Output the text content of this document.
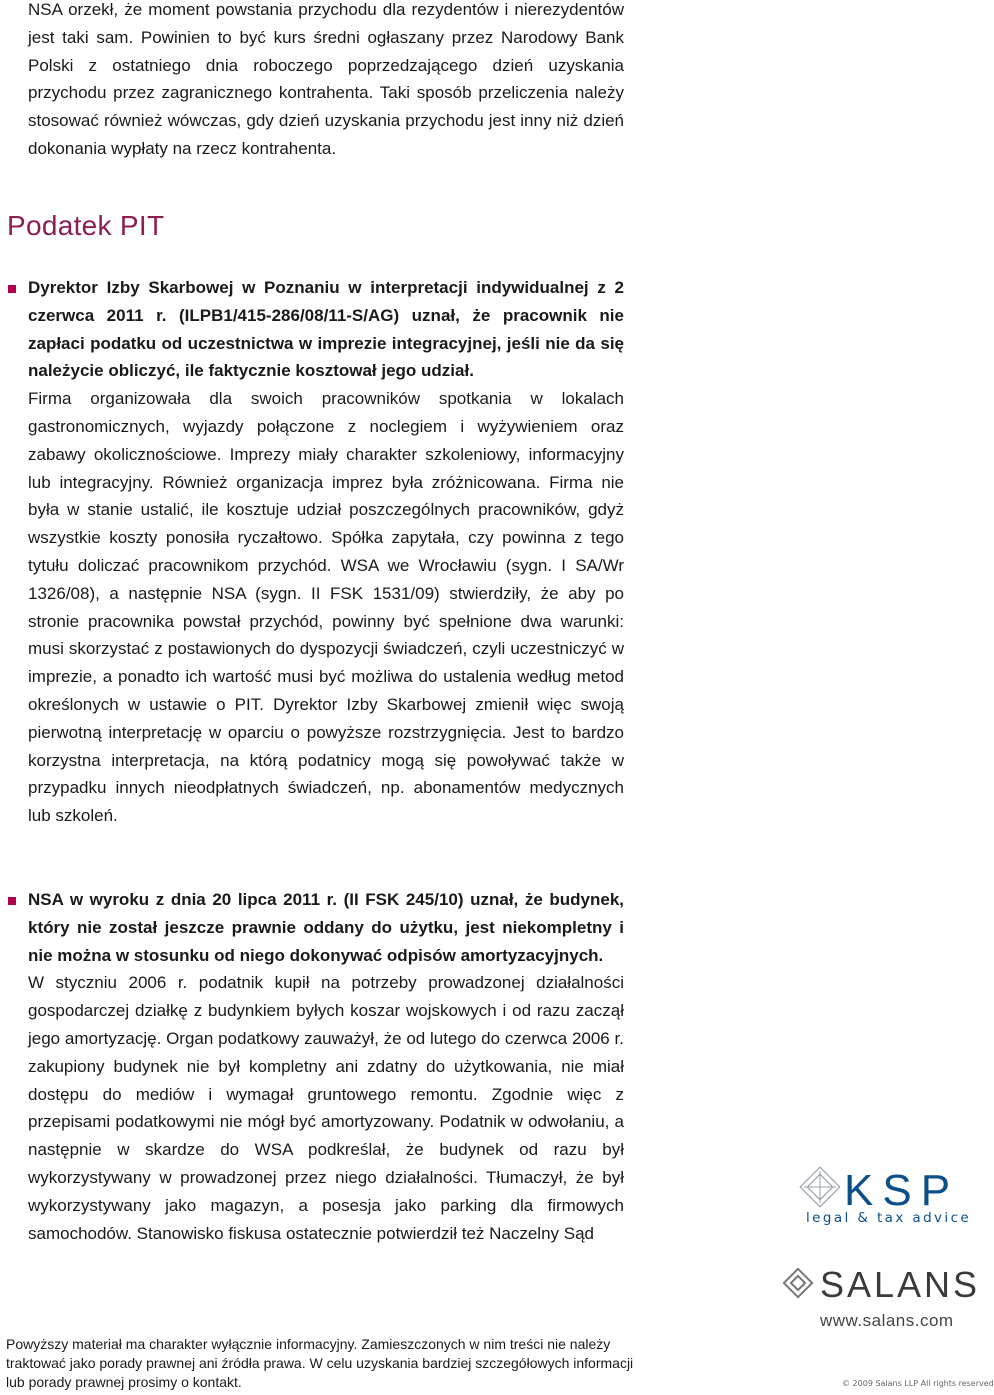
NSA orzekł, że moment powstania przychodu dla rezydentów i nierezydentów jest taki sam. Powinien to być kurs średni ogłaszany przez Narodowy Bank Polski z ostatniego dnia roboczego poprzedzającego dzień uzyskania przychodu przez zagranicznego kontrahenta. Taki sposób przeliczenia należy stosować również wówczas, gdy dzień uzyskania przychodu jest inny niż dzień dokonania wypłaty na rzecz kontrahenta.

Podatek PIT

Dyrektor Izby Skarbowej w Poznaniu w interpretacji indywidualnej z 2 czerwca 2011 r. (ILPB1/415-286/08/11-S/AG) uznał, że pracownik nie zapłaci podatku od uczestnictwa w imprezie integracyjnej, jeśli nie da się należycie obliczyć, ile faktycznie kosztował jego udział.
Firma organizowała dla swoich pracowników spotkania w lokalach gastronomicznych, wyjazdy połączone z noclegiem i wyżywieniem oraz zabawy okolicznościowe. Imprezy miały charakter szkoleniowy, informacyjny lub integracyjny. Również organizacja imprez była zróżnicowana. Firma nie była w stanie ustalić, ile kosztuje udział poszczególnych pracowników, gdyż wszystkie koszty ponosiła ryczałtowo. Spółka zapytała, czy powinna z tego tytułu doliczać pracownikom przychód. WSA we Wrocławiu (sygn. I SA/Wr 1326/08), a następnie NSA (sygn. II FSK 1531/09) stwierdziły, że aby po stronie pracownika powstał przychód, powinny być spełnione dwa warunki: musi skorzystać z postawionych do dyspozycji świadczeń, czyli uczestniczyć w imprezie, a ponadto ich wartość musi być możliwa do ustalenia według metod określonych w ustawie o PIT. Dyrektor Izby Skarbowej zmienił więc swoją pierwotną interpretację w oparciu o powyższe rozstrzygnięcia. Jest to bardzo korzystna interpretacja, na którą podatnicy mogą się powoływać także w przypadku innych nieodpłatnych świadczeń, np. abonamentów medycznych lub szkoleń.

NSA w wyroku z dnia 20 lipca 2011 r. (II FSK 245/10) uznał, że budynek, który nie został jeszcze prawnie oddany do użytku, jest niekompletny i nie można w stosunku od niego dokonywać odpisów amortyzacyjnych.
W styczniu 2006 r. podatnik kupił na potrzeby prowadzonej działalności gospodarczej działkę z budynkiem byłych koszar wojskowych i od razu zaczął jego amortyzację. Organ podatkowy zauważył, że od lutego do czerwca 2006 r. zakupiony budynek nie był kompletny ani zdatny do użytkowania, nie miał dostępu do mediów i wymagał gruntowego remontu. Zgodnie więc z przepisami podatkowymi nie mógł być amortyzowany. Podatnik w odwołaniu, a następnie w skardze do WSA podkreślał, że budynek od razu był wykorzystywany w prowadzonej przez niego działalności. Tłumaczył, że był wykorzystywany jako magazyn, a posesja jako parking dla firmowych samochodów. Stanowisko fiskusa ostatecznie potwierdził też Naczelny Sąd

KSP
legal & tax advice
SALANS
www.salans.com
© 2009 Salans LLP All rights reserved

Powyższy materiał ma charakter wyłącznie informacyjny. Zamieszczonych w nim treści nie należy traktować jako porady prawnej ani źródła prawa. W celu uzyskania bardziej szczegółowych informacji lub porady prawnej prosimy o kontakt.
